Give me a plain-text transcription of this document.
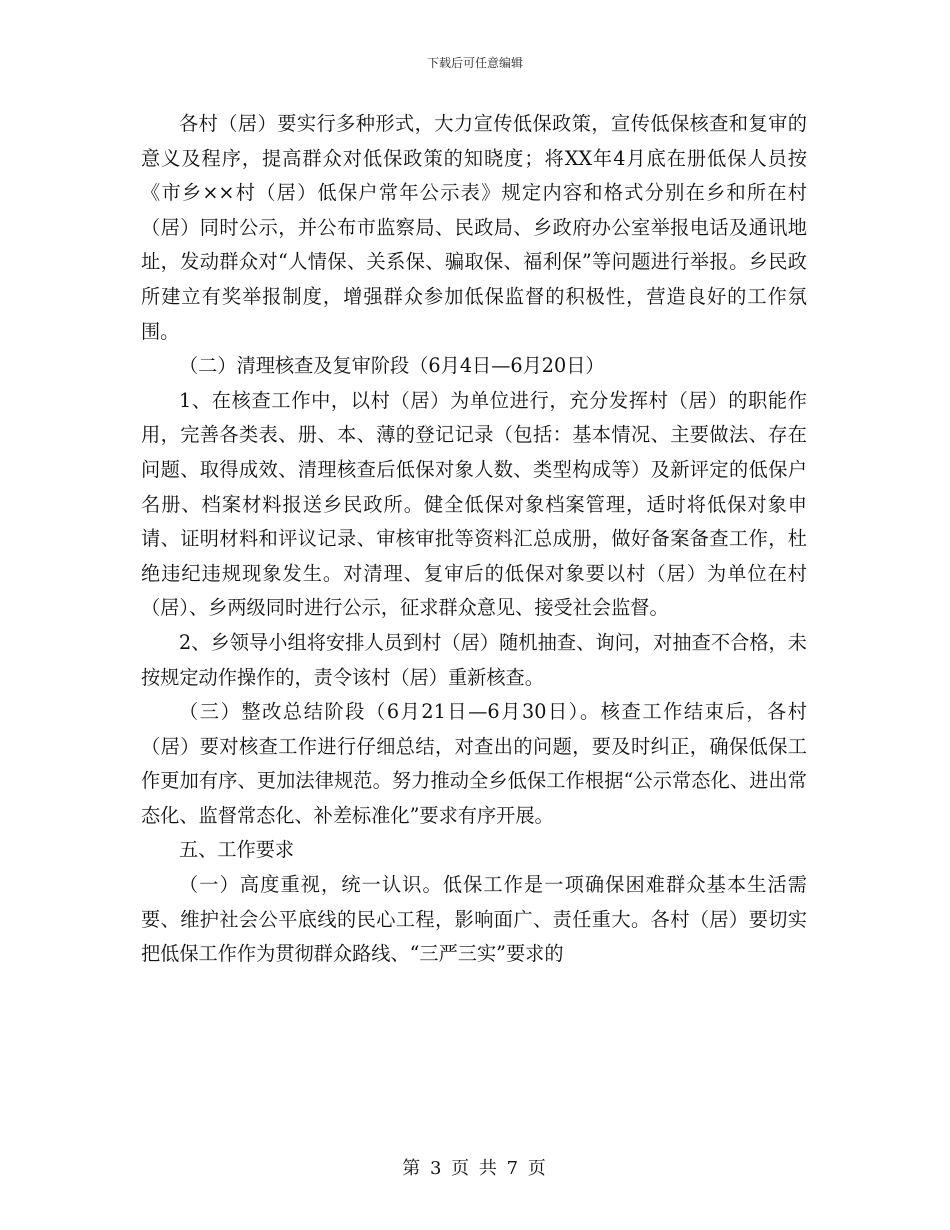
下载后可任意编辑

各村（居）要实行多种形式，大力宣传低保政策，宣传低保核查和复审的意义及程序，提高群众对低保政策的知晓度；将XX年4月底在册低保人员按《市乡××村（居）低保户常年公示表》规定内容和格式分别在乡和所在村（居）同时公示，并公布市监察局、民政局、乡政府办公室举报电话及通讯地址，发动群众对“人情保、关系保、骗取保、福利保”等问题进行举报。乡民政所建立有奖举报制度，增强群众参加低保监督的积极性，营造良好的工作氛围。

（二）清理核查及复审阶段（6月4日—6月20日）

1、在核查工作中，以村（居）为单位进行，充分发挥村（居）的职能作用，完善各类表、册、本、薄的登记记录（包括：基本情况、主要做法、存在问题、取得成效、清理核查后低保对象人数、类型构成等）及新评定的低保户名册、档案材料报送乡民政所。健全低保对象档案管理，适时将低保对象申请、证明材料和评议记录、审核审批等资料汇总成册，做好备案备查工作，杜绝违纪违规现象发生。对清理、复审后的低保对象要以村（居）为单位在村（居）、乡两级同时进行公示，征求群众意见、接受社会监督。

2、乡领导小组将安排人员到村（居）随机抽查、询问，对抽查不合格，未按规定动作操作的，责令该村（居）重新核查。

（三）整改总结阶段（6月21日—6月30日）。核查工作结束后，各村（居）要对核查工作进行仔细总结，对查出的问题，要及时纠正，确保低保工作更加有序、更加法律规范。努力推动全乡低保工作根据“公示常态化、进出常态化、监督常态化、补差标准化”要求有序开展。

五、工作要求

（一）高度重视，统一认识。低保工作是一项确保困难群众基本生活需要、维护社会公平底线的民心工程，影响面广、责任重大。各村（居）要切实把低保工作作为贯彻群众路线、“三严三实”要求的

第 3 页 共 7 页
